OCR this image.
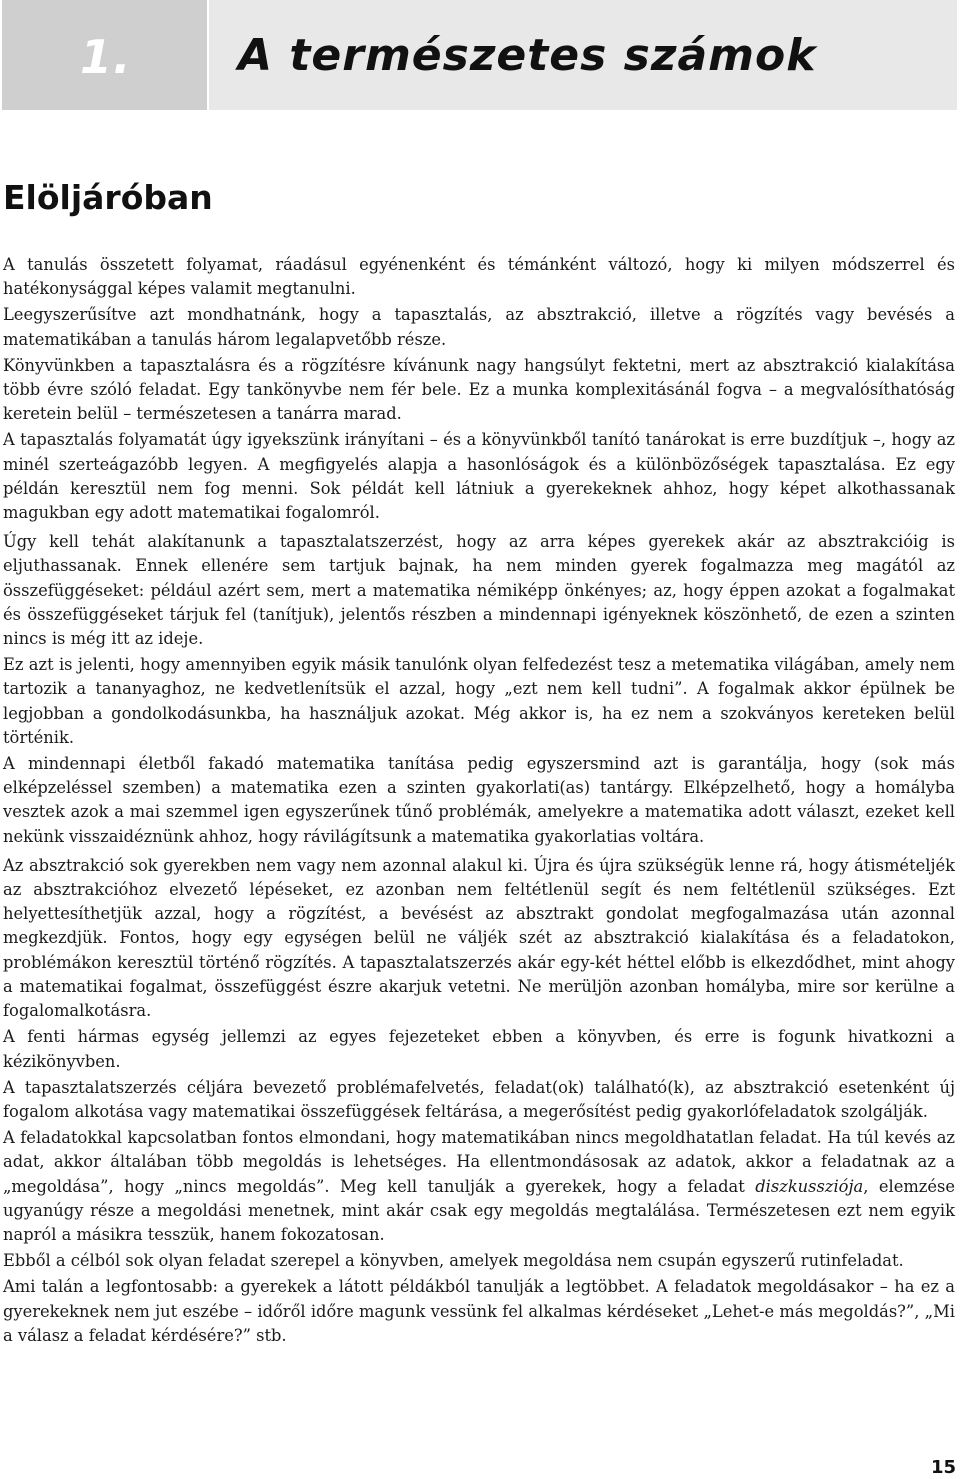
1. A természetes számok
Elöljáróban

A tanulás összetett folyamat, ráadásul egyénenként és témánként változó, hogy ki milyen módszerrel és hatékonysággal képes valamit megtanulni.

Leegyszerűsítve azt mondhatnánk, hogy a tapasztalás, az absztrakció, illetve a rögzítés vagy bevésés a matematikában a tanulás három legalapvetőbb része.

Könyvünkben a tapasztalásra és a rögzítésre kívánunk nagy hangsúlyt fektetni, mert az absztrakció kialakítása több évre szóló feladat. Egy tankönyvbe nem fér bele. Ez a munka komplexitásánál fogva – a megvalósíthatóság keretein belül – természetesen a tanárra marad.

A tapasztalás folyamatát úgy igyekszünk irányítani – és a könyvünkből tanító tanárokat is erre buzdítjuk –, hogy az minél szerteágazóbb legyen. A megfigyelés alapja a hasonlóságok és a különbözőségek tapasztalása. Ez egy példán keresztül nem fog menni. Sok példát kell látniuk a gyerekeknek ahhoz, hogy képet alkothassanak magukban egy adott matematikai fogalomról.

Úgy kell tehát alakítanunk a tapasztalatszerzést, hogy az arra képes gyerekek akár az absztrakcióig is eljuthassanak. Ennek ellenére sem tartjuk bajnak, ha nem minden gyerek fogalmazza meg magától az összefüggéseket: például azért sem, mert a matematika némiképp önkényes; az, hogy éppen azokat a fogalmakat és összefüggéseket tárjuk fel (tanítjuk), jelentős részben a mindennapi igényeknek köszönhető, de ezen a szinten nincs is még itt az ideje.

Ez azt is jelenti, hogy amennyiben egyik másik tanulónk olyan felfedezést tesz a metematika világában, amely nem tartozik a tananyaghoz, ne kedvetlenítsük el azzal, hogy „ezt nem kell tudni”. A fogalmak akkor épülnek be legjobban a gondolkodásunkba, ha használjuk azokat. Még akkor is, ha ez nem a szokványos kereteken belül történik.

A mindennapi életből fakadó matematika tanítása pedig egyszersmind azt is garantálja, hogy (sok más elképzeléssel szemben) a matematika ezen a szinten gyakorlati(as) tantárgy. Elképzelhető, hogy a homályba vesztek azok a mai szemmel igen egyszerűnek tűnő problémák, amelyekre a matematika adott választ, ezeket kell nekünk visszaidéznünk ahhoz, hogy rávilágítsunk a matematika gyakorlatias voltára.

Az absztrakció sok gyerekben nem vagy nem azonnal alakul ki. Újra és újra szükségük lenne rá, hogy átismételjék az absztrakcióhoz elvezető lépéseket, ez azonban nem feltétlenül segít és nem feltétlenül szükséges. Ezt helyettesíthetjük azzal, hogy a rögzítést, a bevésést az absztrakt gondolat megfogalmazása után azonnal megkezdjük. Fontos, hogy egy egységen belül ne váljék szét az absztrakció kialakítása és a feladatokon, problémákon keresztül történő rögzítés. A tapasztalatszerzés akár egy-két héttel előbb is elkezdődhet, mint ahogy a matematikai fogalmat, összefüggést észre akarjuk vetetni. Ne merüljön azonban homályba, mire sor kerülne a fogalomalkotásra.

A fenti hármas egység jellemzi az egyes fejezeteket ebben a könyvben, és erre is fogunk hivatkozni a kézikönyvben.

A tapasztalatszerzés céljára bevezető problémafelvetés, feladat(ok) található(k), az absztrakció esetenként új fogalom alkotása vagy matematikai összefüggések feltárása, a megerősítést pedig gyakorlófeladatok szolgálják.

A feladatokkal kapcsolatban fontos elmondani, hogy matematikában nincs megoldhatatlan feladat. Ha túl kevés az adat, akkor általában több megoldás is lehetséges. Ha ellentmondásosak az adatok, akkor a feladatnak az a „megoldása”, hogy „nincs megoldás”. Meg kell tanulják a gyerekek, hogy a feladat diszkussziója, elemzése ugyanúgy része a megoldási menetnek, mint akár csak egy megoldás megtalálása. Természetesen ezt nem egyik napról a másikra tesszük, hanem fokozatosan.

Ebből a célból sok olyan feladat szerepel a könyvben, amelyek megoldása nem csupán egyszerű rutinfeladat.

Ami talán a legfontosabb: a gyerekek a látott példákból tanulják a legtöbbet. A feladatok megoldásakor – ha ez a gyerekeknek nem jut eszébe – időről időre magunk vessünk fel alkalmas kérdéseket „Lehet-e más megoldás?”, „Mi a válasz a feladat kérdésére?” stb.

15
